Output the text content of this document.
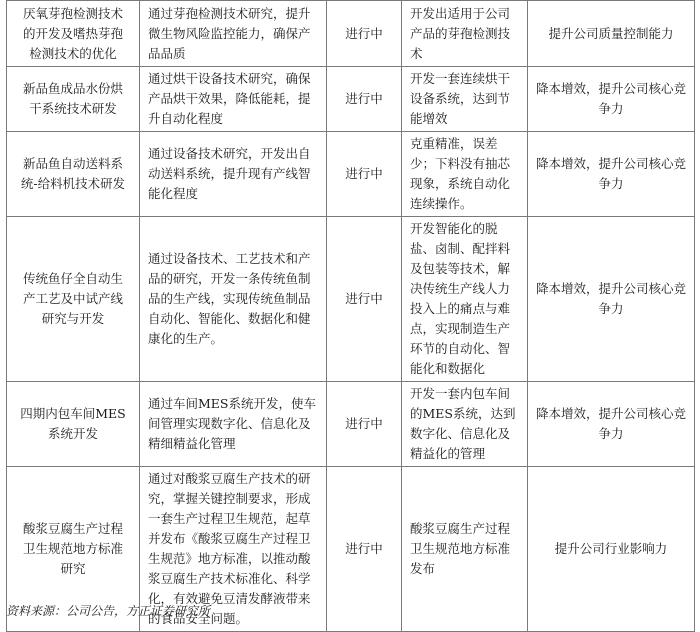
厌氧芽孢检测技术的开发及嗜热芽孢检测技术的优化	通过芽孢检测技术研究，提升微生物风险监控能力，确保产品品质	进行中	开发出适用于公司产品的芽孢检测技术	提升公司质量控制能力
新品鱼成品水份烘干系统技术研发	通过烘干设备技术研究，确保产品烘干效果，降低能耗，提升自动化程度	进行中	开发一套连续烘干设备系统，达到节能增效	降本增效，提升公司核心竞争力
新品鱼自动送料系统-给料机技术研发	通过设备技术研究，开发出自动送料系统，提升现有产线智能化程度	进行中	克重精准，误差少；下料没有抽芯现象，系统自动化连续操作。	降本增效，提升公司核心竞争力
传统鱼仔全自动生产工艺及中试产线研究与开发	通过设备技术、工艺技术和产品的研究，开发一条传统鱼制品的生产线，实现传统鱼制品自动化、智能化、数据化和健康化的生产。	进行中	开发智能化的脱盐、卤制、配拌料及包装等技术，解决传统生产线人力投入上的痛点与难点，实现制造生产环节的自动化、智能化和数据化	降本增效，提升公司核心竞争力
四期内包车间MES系统开发	通过车间MES系统开发，使车间管理实现数字化、信息化及精细精益化管理	进行中	开发一套内包车间的MES系统，达到数字化、信息化及精益化的管理	降本增效，提升公司核心竞争力
酸浆豆腐生产过程卫生规范地方标准研究	通过对酸浆豆腐生产技术的研究，掌握关键控制要求，形成一套生产过程卫生规范，起草并发布《酸浆豆腐生产过程卫生规范》地方标准，以推动酸浆豆腐生产技术标准化、科学化，有效避免豆清发酵液带来的食品安全问题。	进行中	酸浆豆腐生产过程卫生规范地方标准发布	提升公司行业影响力
资料来源：公司公告，方正证券研究所
